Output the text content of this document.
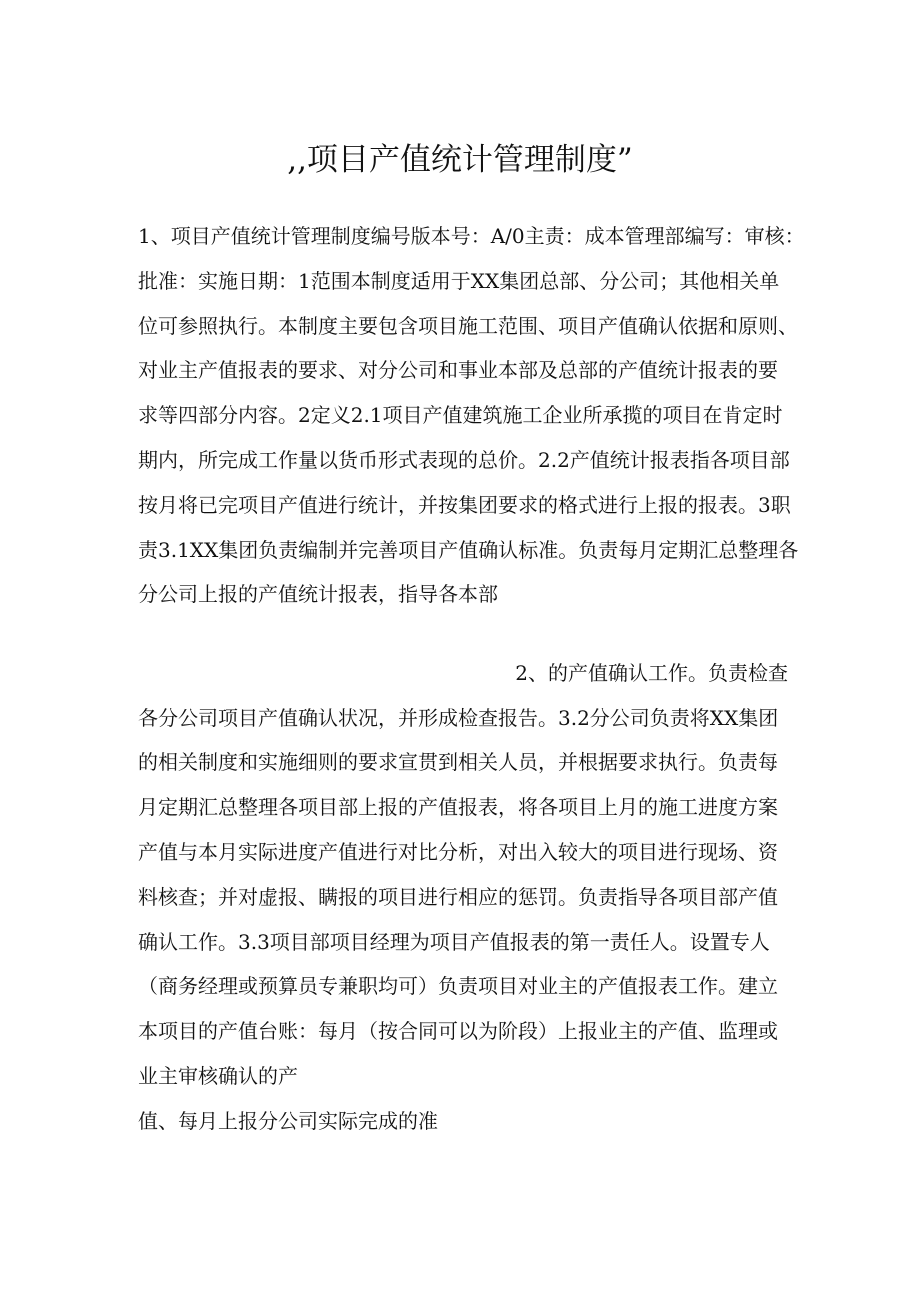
,,项目产值统计管理制度”
1、项目产值统计管理制度编号版本号：A/0主责：成本管理部编写：审核：
批准：实施日期：1范围本制度适用于XX集团总部、分公司；其他相关单
位可参照执行。本制度主要包含项目施工范围、项目产值确认依据和原则、
对业主产值报表的要求、对分公司和事业本部及总部的产值统计报表的要
求等四部分内容。2定义2.1项目产值建筑施工企业所承揽的项目在肯定时
期内，所完成工作量以货币形式表现的总价。2.2产值统计报表指各项目部
按月将已完项目产值进行统计，并按集团要求的格式进行上报的报表。3职
责3.1XX集团负责编制并完善项目产值确认标准。负责每月定期汇总整理各
分公司上报的产值统计报表，指导各本部
2、的产值确认工作。负责检查
各分公司项目产值确认状况，并形成检查报告。3.2分公司负责将XX集团
的相关制度和实施细则的要求宣贯到相关人员，并根据要求执行。负责每
月定期汇总整理各项目部上报的产值报表，将各项目上月的施工进度方案
产值与本月实际进度产值进行对比分析，对出入较大的项目进行现场、资
料核查；并对虚报、瞒报的项目进行相应的惩罚。负责指导各项目部产值
确认工作。3.3项目部项目经理为项目产值报表的第一责任人。设置专人
（商务经理或预算员专兼职均可）负责项目对业主的产值报表工作。建立
本项目的产值台账：每月（按合同可以为阶段）上报业主的产值、监理或
业主审核确认的产
值、每月上报分公司实际完成的准
